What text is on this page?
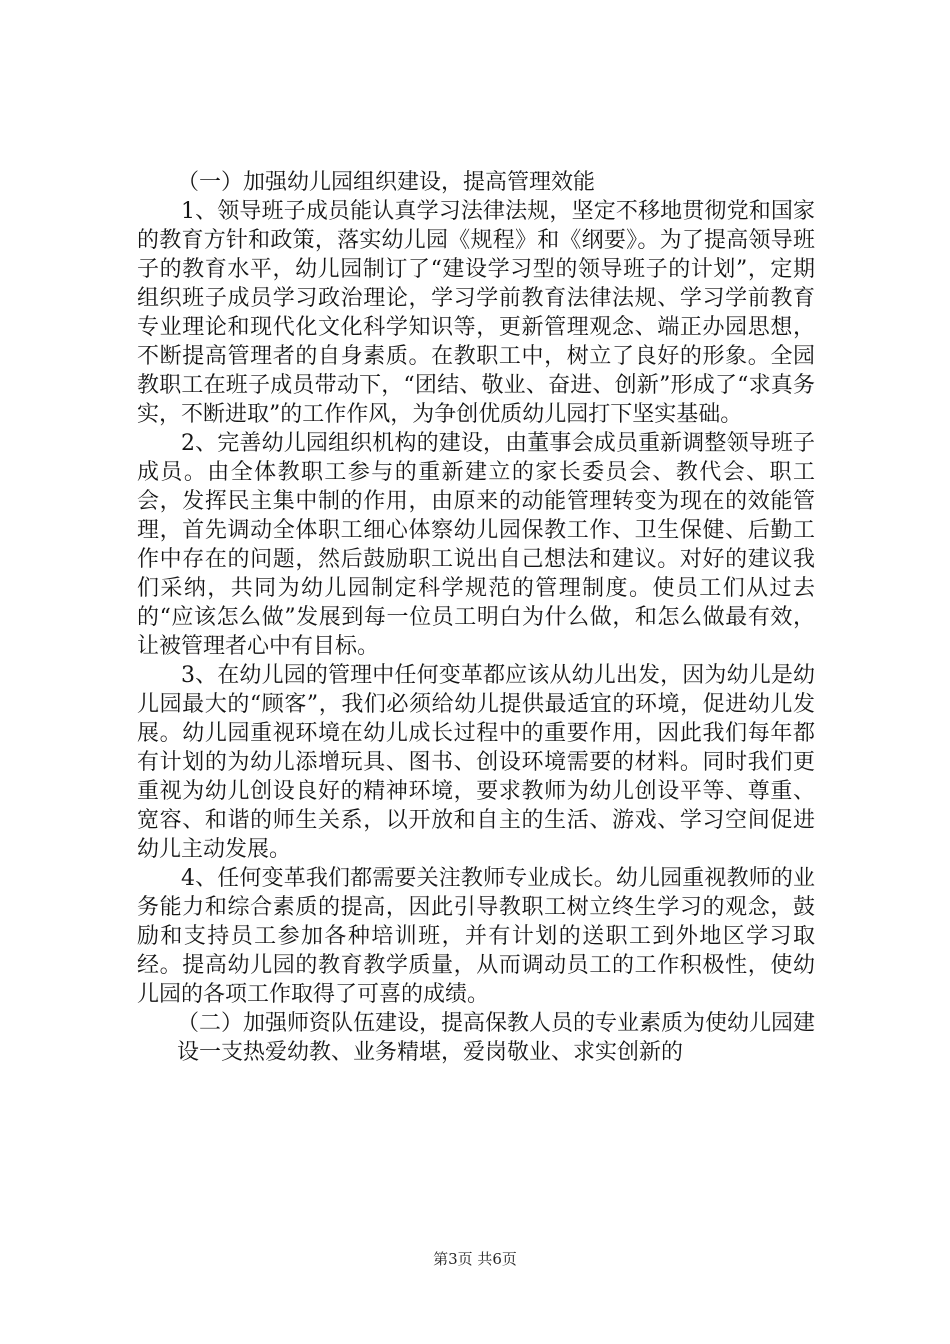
（一）加强幼儿园组织建设，提高管理效能

1、领导班子成员能认真学习法律法规，坚定不移地贯彻党和国家的教育方针和政策，落实幼儿园《规程》和《纲要》。为了提高领导班子的教育水平，幼儿园制订了“建设学习型的领导班子的计划”，定期组织班子成员学习政治理论，学习学前教育法律法规、学习学前教育专业理论和现代化文化科学知识等，更新管理观念、端正办园思想，不断提高管理者的自身素质。在教职工中，树立了良好的形象。全园教职工在班子成员带动下，“团结、敬业、奋进、创新”形成了“求真务实，不断进取”的工作作风，为争创优质幼儿园打下坚实基础。

2、完善幼儿园组织机构的建设，由董事会成员重新调整领导班子成员。由全体教职工参与的重新建立的家长委员会、教代会、职工会，发挥民主集中制的作用，由原来的动能管理转变为现在的效能管理，首先调动全体职工细心体察幼儿园保教工作、卫生保健、后勤工作中存在的问题，然后鼓励职工说出自己想法和建议。对好的建议我们采纳，共同为幼儿园制定科学规范的管理制度。使员工们从过去的“应该怎么做”发展到每一位员工明白为什么做，和怎么做最有效，让被管理者心中有目标。

3、在幼儿园的管理中任何变革都应该从幼儿出发，因为幼儿是幼儿园最大的“顾客”，我们必须给幼儿提供最适宜的环境，促进幼儿发展。幼儿园重视环境在幼儿成长过程中的重要作用，因此我们每年都有计划的为幼儿添增玩具、图书、创设环境需要的材料。同时我们更重视为幼儿创设良好的精神环境，要求教师为幼儿创设平等、尊重、宽容、和谐的师生关系，以开放和自主的生活、游戏、学习空间促进幼儿主动发展。

4、任何变革我们都需要关注教师专业成长。幼儿园重视教师的业务能力和综合素质的提高，因此引导教职工树立终生学习的观念，鼓励和支持员工参加各种培训班，并有计划的送职工到外地区学习取经。提高幼儿园的教育教学质量，从而调动员工的工作积极性，使幼儿园的各项工作取得了可喜的成绩。

（二）加强师资队伍建设，提高保教人员的专业素质为使幼儿园建设一支热爱幼教、业务精堪，爱岗敬业、求实创新的

第3页 共6页
